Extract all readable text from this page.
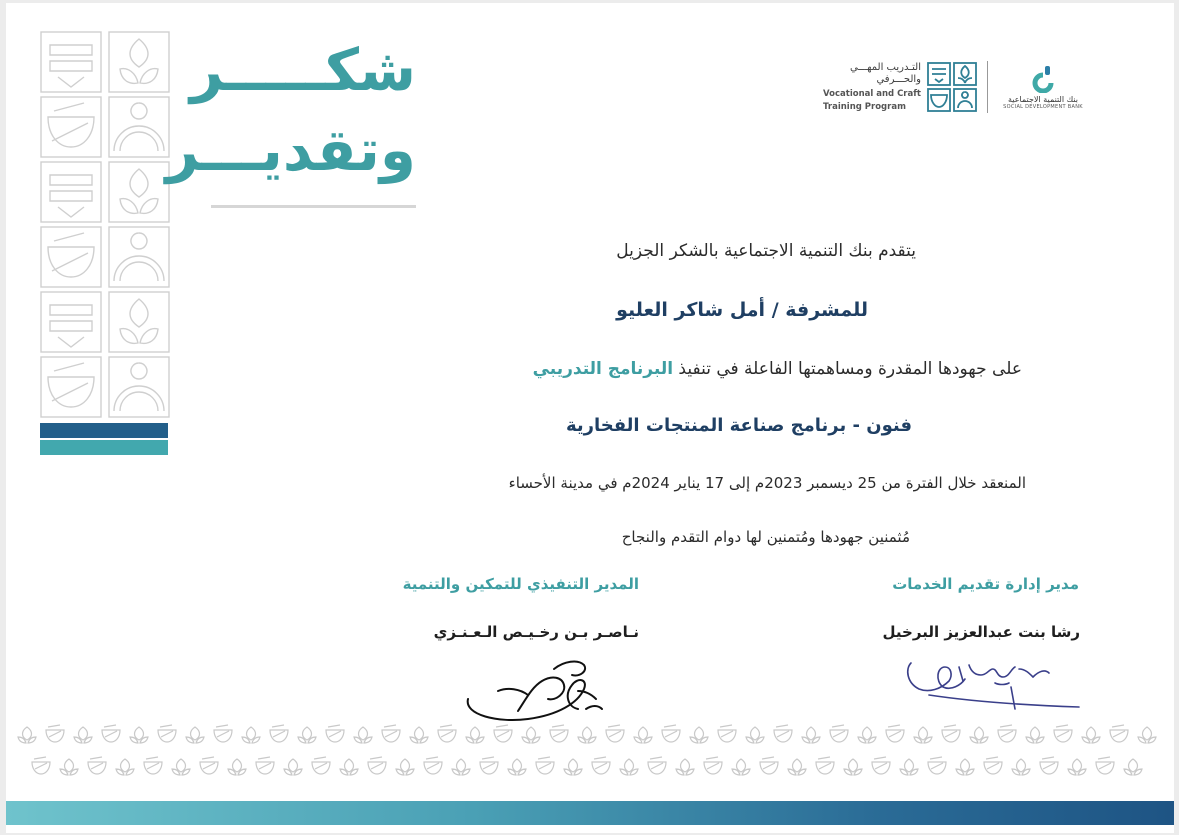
شكـــــر
وتقديـــر
التـدريب المهـــي
والحـــرفي
Vocational and Craft
Training Program
بنك التنمية الاجتماعية
SOCIAL DEVELOPMENT BANK
يتقدم بنك التنمية الاجتماعية بالشكر الجزيل
للمشرفة / أمل شاكر العليو
على جهودها المقدرة ومساهمتها الفاعلة في تنفيذ البرنامج التدريبي
فنون - برنامج صناعة المنتجات الفخارية
المنعقد خلال الفترة من 25 ديسمبر 2023م إلى 17 يناير 2024م في مدينة الأحساء
مُثمنين جهودها ومُتمنين لها دوام التقدم والنجاح
مدير إدارة تقديم الخدمات
رشا بنت عبدالعزيز البرخيل
المدير التنفيذي للتمكين والتنمية
نـاصـر بـن رخـيـص الـعـنـزي
